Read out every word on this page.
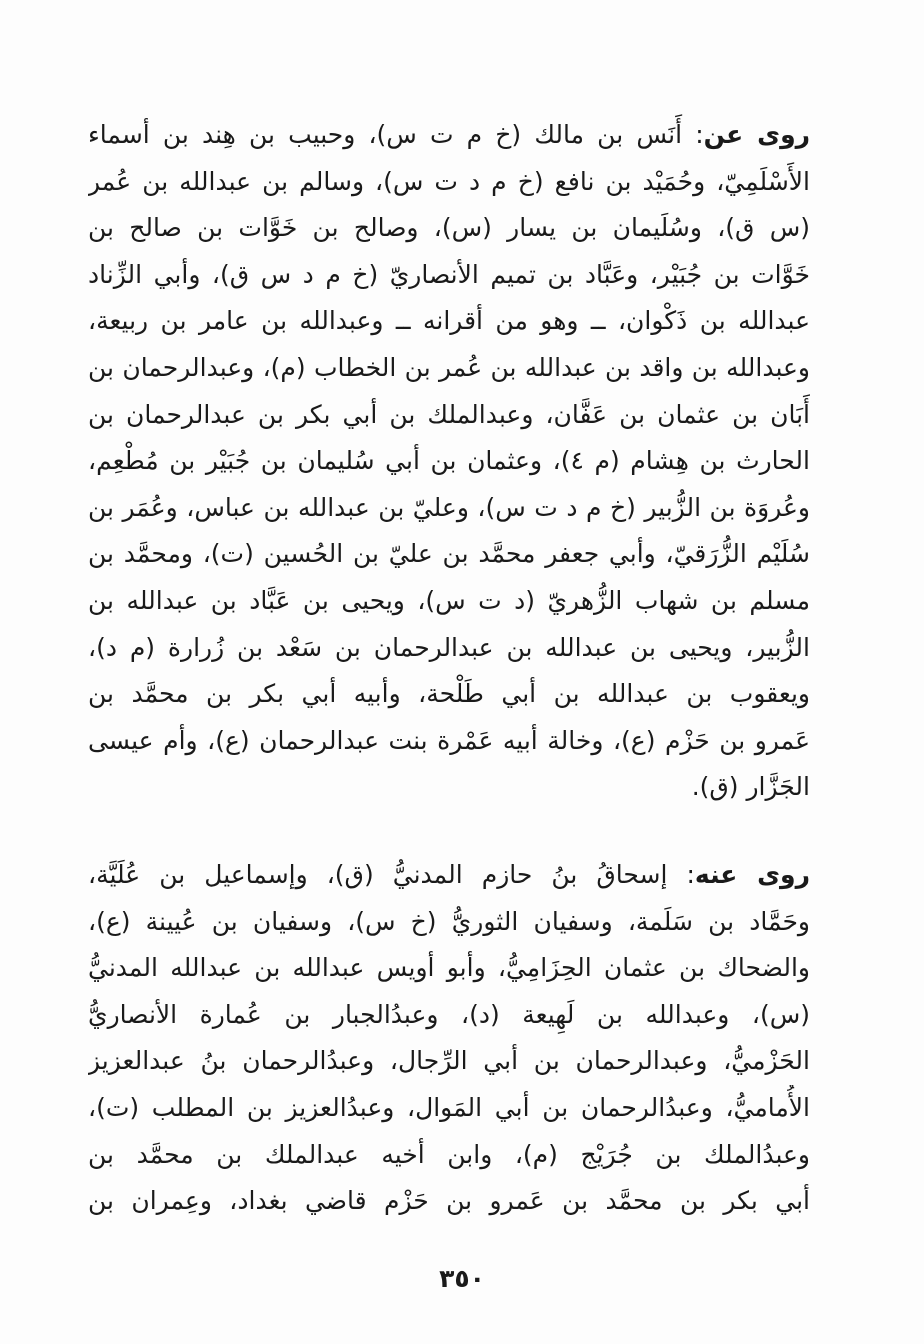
روى عن: أَنَس بن مالك (خ م ت س)، وحبيب بن هِند بن أسماء
الأَسْلَمِيّ، وحُمَيْد بن نافع (خ م د ت س)، وسالم بن عبدالله بن عُمر
(س ق)، وسُلَيمان بن يسار (س)، وصالح بن خَوَّات بن صالح بن
خَوَّات بن جُبَيْر، وعَبَّاد بن تميم الأنصاريّ (خ م د س ق)، وأبي الزِّناد
عبدالله بن ذَكْوان، ــ وهو من أقرانه ــ وعبدالله بن عامر بن ربيعة،
وعبدالله بن واقد بن عبدالله بن عُمر بن الخطاب (م)، وعبدالرحمان بن
أَبَان بن عثمان بن عَفَّان، وعبدالملك بن أبي بكر بن عبدالرحمان بن
الحارث بن هِشام (م ٤)، وعثمان بن أبي سُليمان بن جُبَيْر بن مُطْعِم،
وعُروَة بن الزُّبير (خ م د ت س)، وعليّ بن عبدالله بن عباس، وعُمَر بن
سُلَيْم الزُّرَقيّ، وأبي جعفر محمَّد بن عليّ بن الحُسين (ت)، ومحمَّد بن
مسلم بن شهاب الزُّهريّ (د ت س)، ويحيى بن عَبَّاد بن عبدالله بن
الزُّبير، ويحيى بن عبدالله بن عبدالرحمان بن سَعْد بن زُرارة (م د)،
ويعقوب بن عبدالله بن أبي طَلْحة، وأبيه أبي بكر بن محمَّد بن
عَمرو بن حَزْم (ع)، وخالة أبيه عَمْرة بنت عبدالرحمان (ع)، وأم عيسى
الجَزَّار (ق).
روى عنه: إسحاقُ بنُ حازم المدنيُّ (ق)، وإسماعيل بن عُلَيَّة،
وحَمَّاد بن سَلَمة، وسفيان الثوريُّ (خ س)، وسفيان بن عُيينة (ع)،
والضحاك بن عثمان الحِزَامِيُّ، وأبو أويس عبدالله بن عبدالله المدنيُّ
(س)، وعبدالله بن لَهِيعة (د)، وعبدُالجبار بن عُمارة الأنصاريُّ
الحَزْميُّ، وعبدالرحمان بن أبي الرِّجال، وعبدُالرحمان بنُ عبدالعزيز
الأُماميُّ، وعبدُالرحمان بن أبي المَوال، وعبدُالعزيز بن المطلب (ت)،
وعبدُالملك بن جُرَيْج (م)، وابن أخيه عبدالملك بن محمَّد بن
أبي بكر بن محمَّد بن عَمرو بن حَزْم قاضي بغداد، وعِمران بن
٣٥٠
